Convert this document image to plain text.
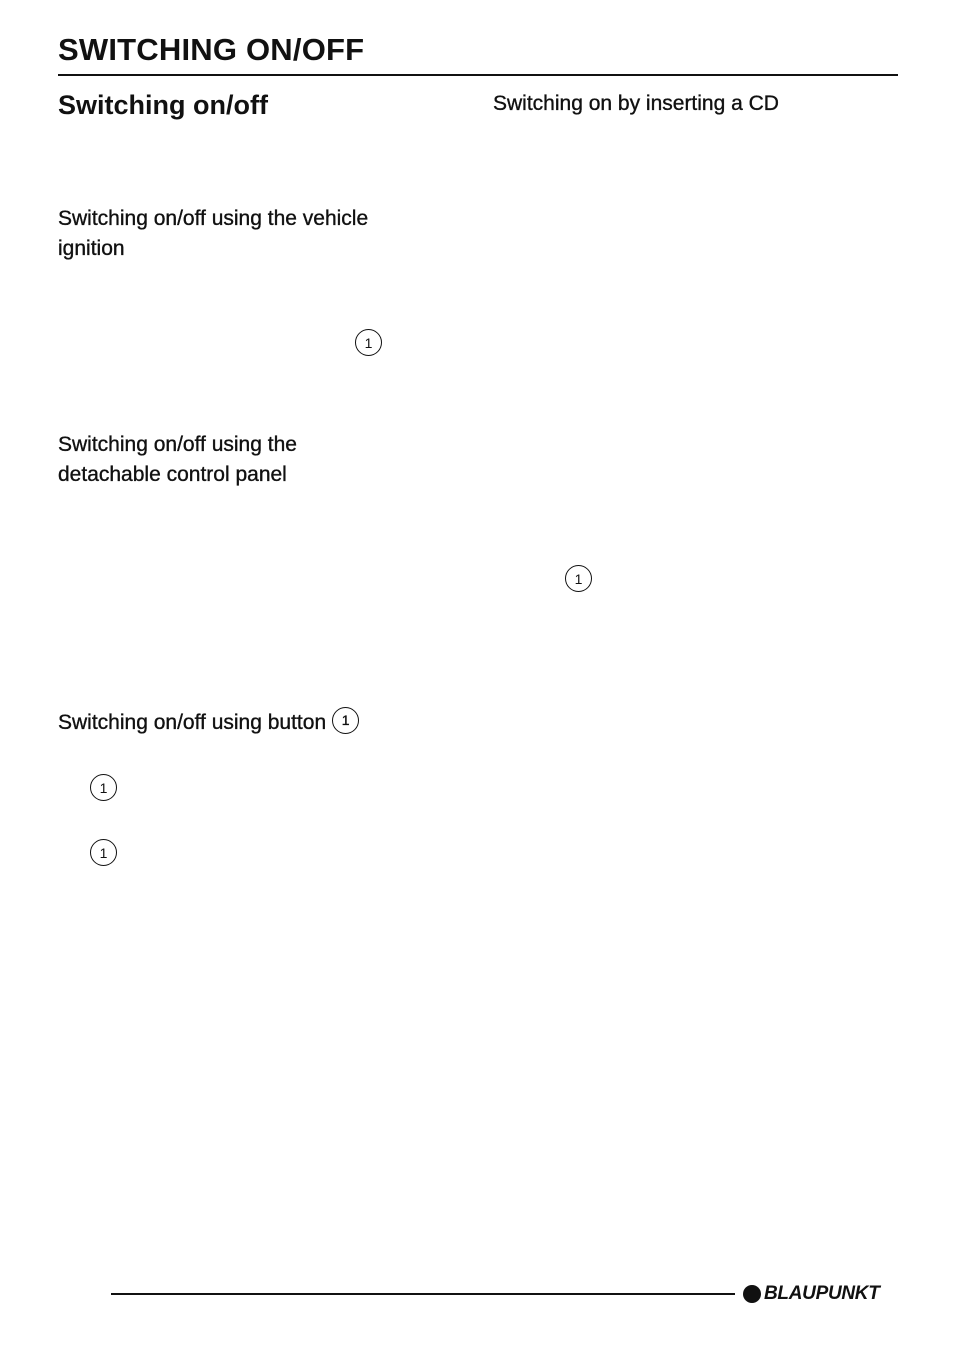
SWITCHING ON/OFF
Switching on/off	Switching on by inserting a CD
Switching on/off using the vehicle
ignition
1
Switching on/off using the
detachable control panel
1
Switching on/off using button 1
1
1
BLAUPUNKT
